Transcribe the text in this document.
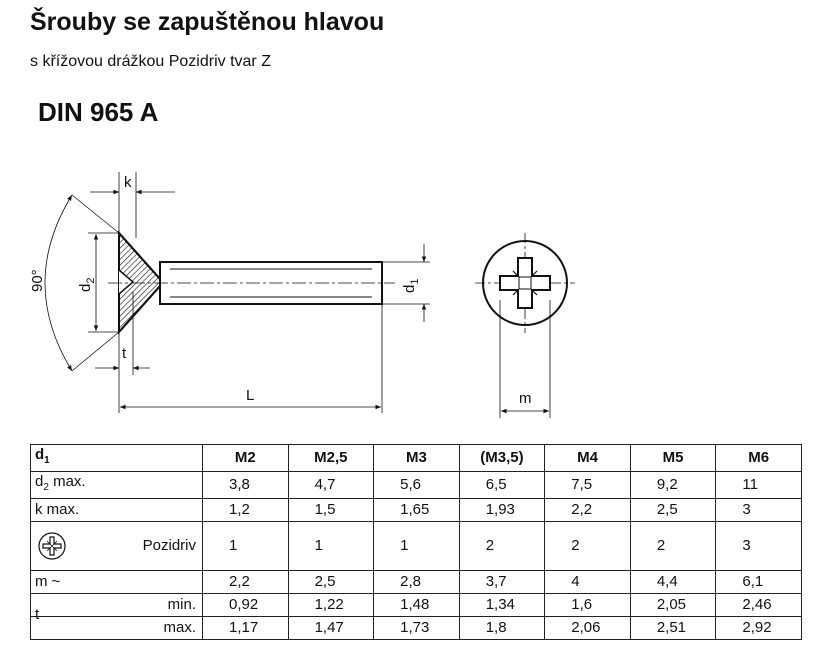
Šrouby se zapuštěnou hlavou
s křížovou drážkou Pozidriv tvar Z
DIN 965 A
k
90° $d_2$
$d_1$
t
L	m
$d_1$	M2	M2,5	M3	(M3,5)	M4	M5	M6
$d_2$ max.	3,8	4,7	5,6	6,5	7,5	9,2	11
k max.	1,2	1,5	1,65	1,93	2,2	2,5	3

Pozidriv	1	1	1	2	2	2	3
m ~	2,2	2,5	2,8	3,7	4	4,4	6,1

t
min.	0,92	1,22	1,48	1,34	1,6	2,05	2,46
max.	1,17	1,47	1,73	1,8	2,06	2,51	2,92
